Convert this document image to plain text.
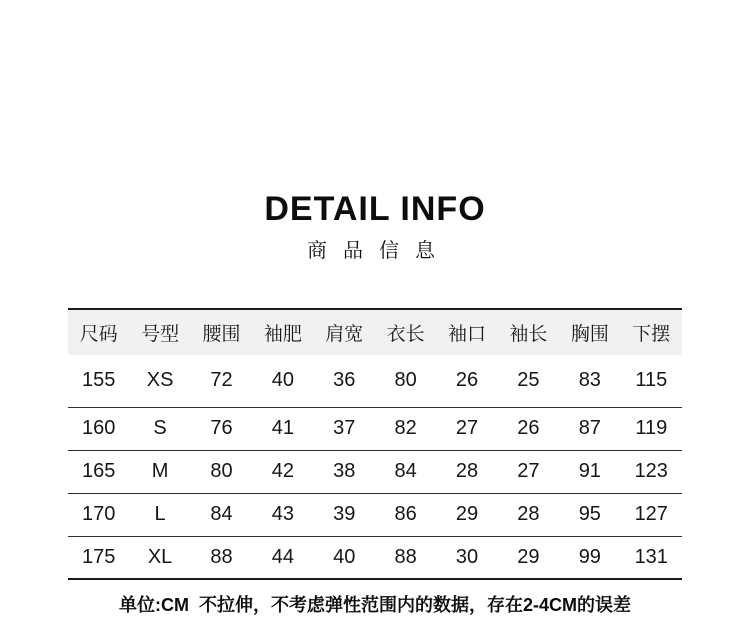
DETAIL INFO
商品信息
尺码	号型	腰围	袖肥	肩宽	衣长	袖口	袖长	胸围	下摆
155	XS	72	40	36	80	26	25	83	115
160	S	76	41	37	82	27	26	87	119
165	M	80	42	38	84	28	27	91	123
170	L	84	43	39	86	29	28	95	127
175	XL	88	44	40	88	30	29	99	131
单位:CM  不拉伸，不考虑弹性范围内的数据，存在2-4CM的误差
